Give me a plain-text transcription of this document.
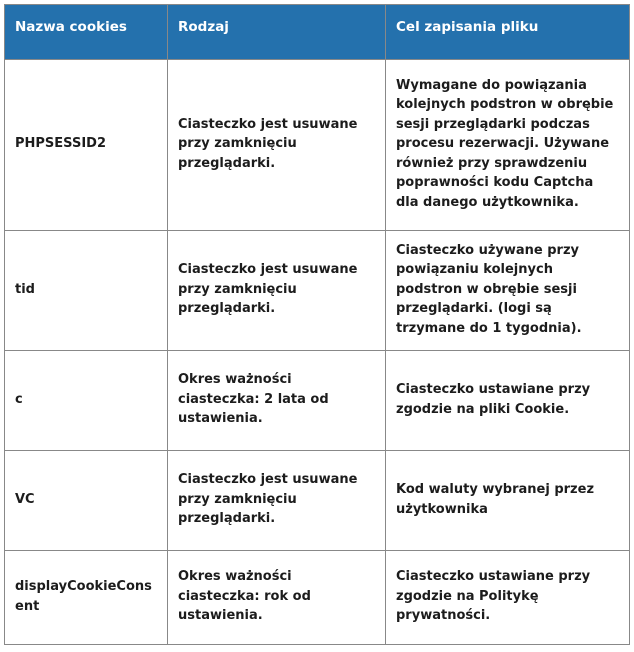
Nazwa cookies	Rodzaj	Cel zapisania pliku
PHPSESSID2	Ciasteczko jest usuwane przy zamknięciu przeglądarki.	Wymagane do powiązania kolejnych podstron w obrębie sesji przeglądarki podczas procesu rezerwacji. Używane również przy sprawdzeniu poprawności kodu Captcha dla danego użytkownika.
tid	Ciasteczko jest usuwane przy zamknięciu przeglądarki.	Ciasteczko używane przy powiązaniu kolejnych podstron w obrębie sesji przeglądarki. (logi są trzymane do 1 tygodnia).
c	Okres ważności ciasteczka: 2 lata od ustawienia.	Ciasteczko ustawiane przy zgodzie na pliki Cookie.
VC	Ciasteczko jest usuwane przy zamknięciu przeglądarki.	Kod waluty wybranej przez użytkownika
displayCookieConsent	Okres ważności ciasteczka: rok od ustawienia.	Ciasteczko ustawiane przy zgodzie na Politykę prywatności.
